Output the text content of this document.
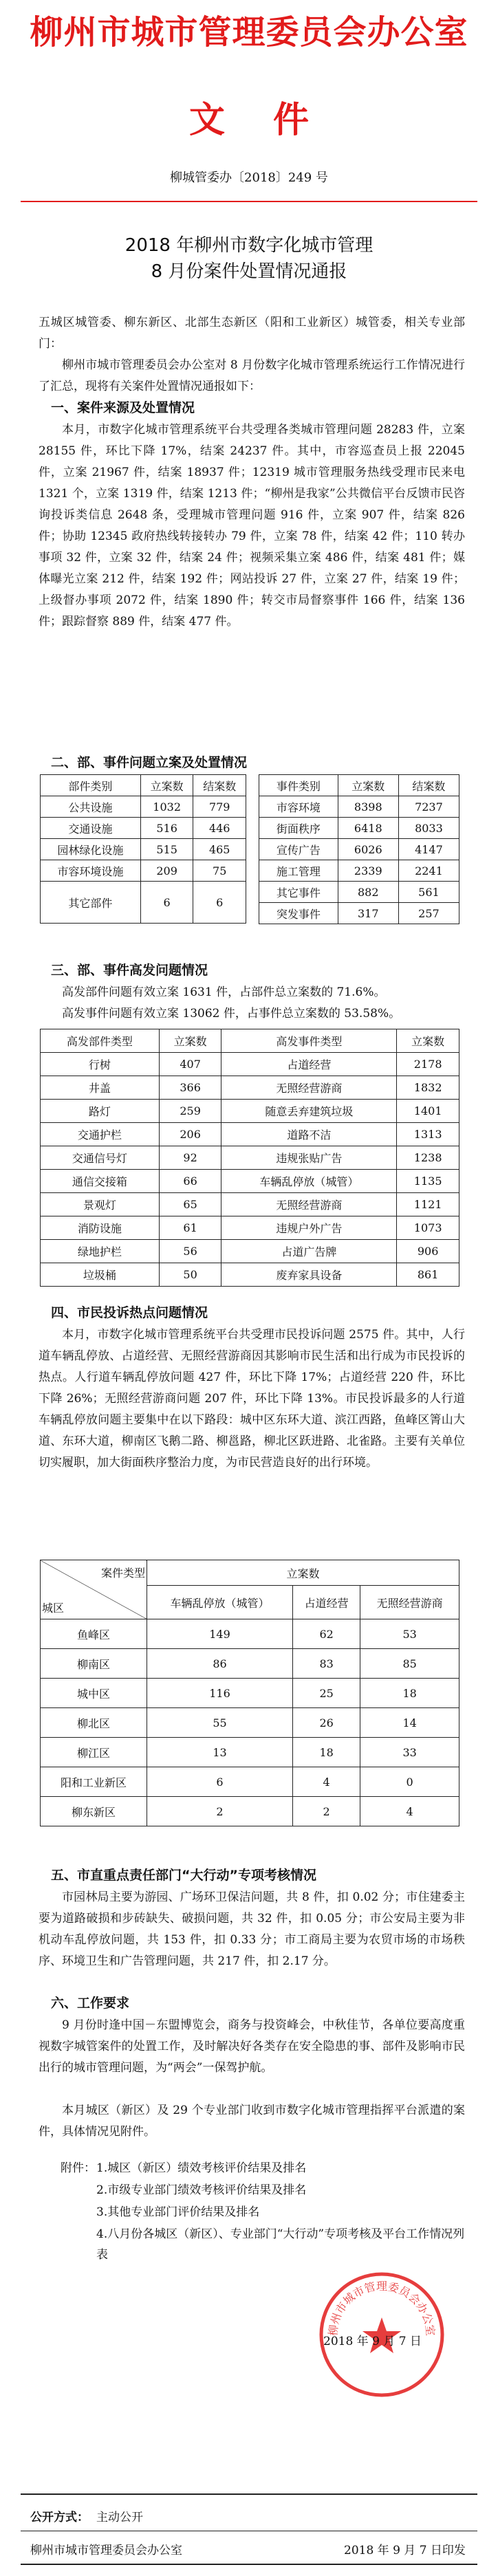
柳州市城市管理委员会办公室
文件
柳城管委办〔2018〕249 号
2018 年柳州市数字化城市管理
8 月份案件处置情况通报
五城区城管委、柳东新区、北部生态新区（阳和工业新区）城管委，相关专业部门：
柳州市城市管理委员会办公室对 8 月份数字化城市管理系统运行工作情况进行了汇总，现将有关案件处置情况通报如下：
一、案件来源及处置情况
本月，市数字化城市管理系统平台共受理各类城市管理问题 28283 件，立案 28155 件，环比下降 17%，结案 24237 件。其中，市容巡查员上报 22045 件，立案 21967 件，结案 18937 件；12319 城市管理服务热线受理市民来电 1321 个，立案 1319 件，结案 1213 件；“柳州是我家”公共微信平台反馈市民咨询投诉类信息 2648 条，受理城市管理问题 916 件，立案 907 件，结案 826 件；协助 12345 政府热线转接转办 79 件，立案 78 件，结案 42 件；110 转办事项 32 件，立案 32 件，结案 24 件；视频采集立案 486 件，结案 481 件；媒体曝光立案 212 件，结案 192 件；网站投诉 27 件，立案 27 件，结案 19 件；上级督办事项 2072 件，结案 1890 件；转交市局督察事件 166 件，结案 136 件；跟踪督察 889 件，结案 477 件。
二、部、事件问题立案及处置情况
部件类别	立案数	结案数
公共设施	1032	779
交通设施	516	446
园林绿化设施	515	465
市容环境设施	209	75
其它部件	6	6
事件类别	立案数	结案数
市容环境	8398	7237
街面秩序	6418	8033
宣传广告	6026	4147
施工管理	2339	2241
其它事件	882	561
突发事件	317	257
三、部、事件高发问题情况
高发部件问题有效立案 1631 件，占部件总立案数的 71.6%。
高发事件问题有效立案 13062 件，占事件总立案数的 53.58%。
高发部件类型	立案数	高发事件类型	立案数
行树	407	占道经营	2178
井盖	366	无照经营游商	1832
路灯	259	随意丢弃建筑垃圾	1401
交通护栏	206	道路不洁	1313
交通信号灯	92	违规张贴广告	1238
通信交接箱	66	车辆乱停放（城管）	1135
景观灯	65	无照经营游商	1121
消防设施	61	违规户外广告	1073
绿地护栏	56	占道广告牌	906
垃圾桶	50	废弃家具设备	861
四、市民投诉热点问题情况
本月，市数字化城市管理系统平台共受理市民投诉问题 2575 件。其中，人行道车辆乱停放、占道经营、无照经营游商因其影响市民生活和出行成为市民投诉的热点。人行道车辆乱停放问题 427 件，环比下降 17%；占道经营 220 件，环比下降 26%；无照经营游商问题 207 件，环比下降 13%。市民投诉最多的人行道车辆乱停放问题主要集中在以下路段：城中区东环大道、滨江西路，鱼峰区箐山大道、东环大道，柳南区飞鹅二路、柳邕路，柳北区跃进路、北雀路。主要有关单位切实履职，加大街面秩序整治力度，为市民营造良好的出行环境。
案件类型
城区	立案数		
	车辆乱停放（城管）	占道经营	无照经营游商
鱼峰区	149	62	53
柳南区	86	83	85
城中区	116	25	18
柳北区	55	26	14
柳江区	13	18	33
阳和工业新区	6	4	0
柳东新区	2	2	4
五、市直重点责任部门“大行动”专项考核情况
市园林局主要为游园、广场环卫保洁问题，共 8 件，扣 0.02 分；市住建委主要为道路破损和步砖缺失、破损问题，共 32 件，扣 0.05 分；市公安局主要为非机动车乱停放问题，共 153 件，扣 0.33 分；市工商局主要为农贸市场的市场秩序、环境卫生和广告管理问题，共 217 件，扣 2.17 分。
六、工作要求
9 月份时逢中国－东盟博览会，商务与投资峰会，中秋佳节，各单位要高度重视数字城管案件的处置工作，及时解决好各类存在安全隐患的事、部件及影响市民出行的城市管理问题，为“两会”一保驾护航。
本月城区（新区）及 29 个专业部门收到市数字化城市管理指挥平台派遣的案件，具体情况见附件。
附件： 1.城区（新区）绩效考核评价结果及排名
2.市级专业部门绩效考核评价结果及排名
3.其他专业部门评价结果及排名
4.八月份各城区（新区）、专业部门“大行动”专项考核及平台工作情况列表
柳州市城市管理委员会办公室
2018 年 9 月 7 日
公开方式： 主动公开
柳州市城市管理委员会办公室	2018 年 9 月 7 日印发
